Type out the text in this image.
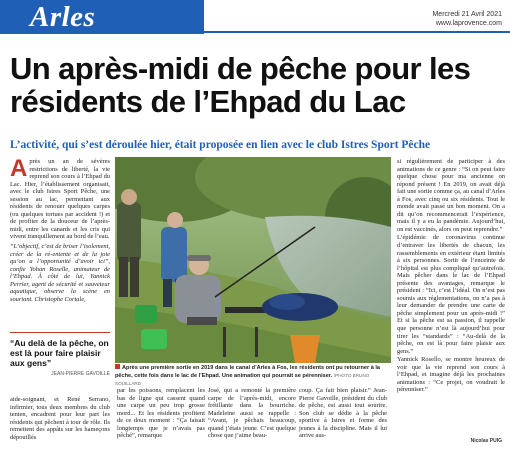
Arles	Mercredi 21 Avril 2021
www.laprovence.com
Un après-midi de pêche pour les résidents de l’Ehpad du Lac
L’activité, qui s’est déroulée hier, était proposée en lien avec le club Istres Sport Pêche
A près un an de sévères restrictions de liberté, la vie reprend son cours à l’Ehpad du Lac. Hier, l’établissement organisait, avec le club Istres Sport Pêche, une session au lac, permettant aux résidents de renouer quelques carpes (ou quelques tortues par accident !) et de profiter de la douceur de l’après-midi, entre les canards et les cris qui vivent tranquillement au bord de l’eau.

“L’objectif, c’est de briser l’isolement, créer de la ré-entente et de la joie qu’on a l’opportunité d’avoir ici”, confie Yohan Roselle, animateur de l’Ehpad. À côté de lui, Yannick Perrier, agent de sécurité et sauveteur aquatique, observe la scène en souriant. Christophe Cortale,

“Au delà de la pêche, on est là pour faire plaisir aux gens”
JEAN-PIERRE GAVOILLE

aide-soignant, et René Serrano, infirmier, tous deux membres du club tenten, encadrent pour leur part les résidents qui pêchent à tour de rôle. Ils remettent des appâts sur les hameçons dépouillés

Après une première sortie en 2019 dans le canal d’Arles à Fos, les résidents ont pu retourner à la pêche, cette fois dans le lac de l’Ehpad. Une animation qui pourrait se pérenniser. /PHOTO BRUNO SOUILLARD

par les poissons, remplacent les bas de ligne qui cassent quand une carpe un peu trop grosse mord... Et les résidents profitent de ce doux moment : “Ça faisait longtemps que je n’avais pas pêché”, remarque

José, qui a remonté la première carpe de l’après-midi, encore frétillante dans la bourriche. Madeleine aussi se rappelle : “Avant, je pêchais beaucoup, quand j’étais jeune. C’est quelque chose que j’aime beau-

coup. Ça fait bien plaisir.” Jean-Pierre Gavoille, président du club de pêche, est aussi tout sourire. Son club se dédie à la pêche sportive à Istres et forme des jeunes à la discipline. Mais il lui arrive aus-

si régulièrement de participer à des animations de ce genre : “Si on peut faire quelque chose pour ma ancienne on répond présent ! En 2019, on avait déjà fait une sortie comme ça, au canal d’Arles à Fos, avec cinq ou six résidents. Tout le monde avait passé un bon moment. On a dit qu’on recommencerait l’expérience, mais il y a eu la pandémie. Aujourd’hui, on est vaccinés, alors on peut reprendre.”

L’épidémie de coronavirus continue d’entraver les libertés de chacun, les rassemblements en extérieur étant limités à six personnes. Sortir de l’enceinte de l’hôpital est plus compliqué qu’autrefois. Mais pêcher dans le lac de l’Ehpad présente des avantages, remarque le président : “Ici, c’est l’idéal. On n’est pas soumis aux réglementations, on n’a pas à leur demander de prendre une carte de pêche simplement pour un après-midi !” Et si la pêche est sa passion, il rappelle que personne n’est là aujourd’hui pour tirer les “standards” : “Au-delà de la pêche, on est là pour faire plaisir aux gens.”

Yannick Rosello, se montre heureux de voir que la vie reprend son cours à l’Ehpad, et imagine déjà les prochaines animations : “Ce projet, on voudrait le pérenniser.”

Nicolas PUIG
